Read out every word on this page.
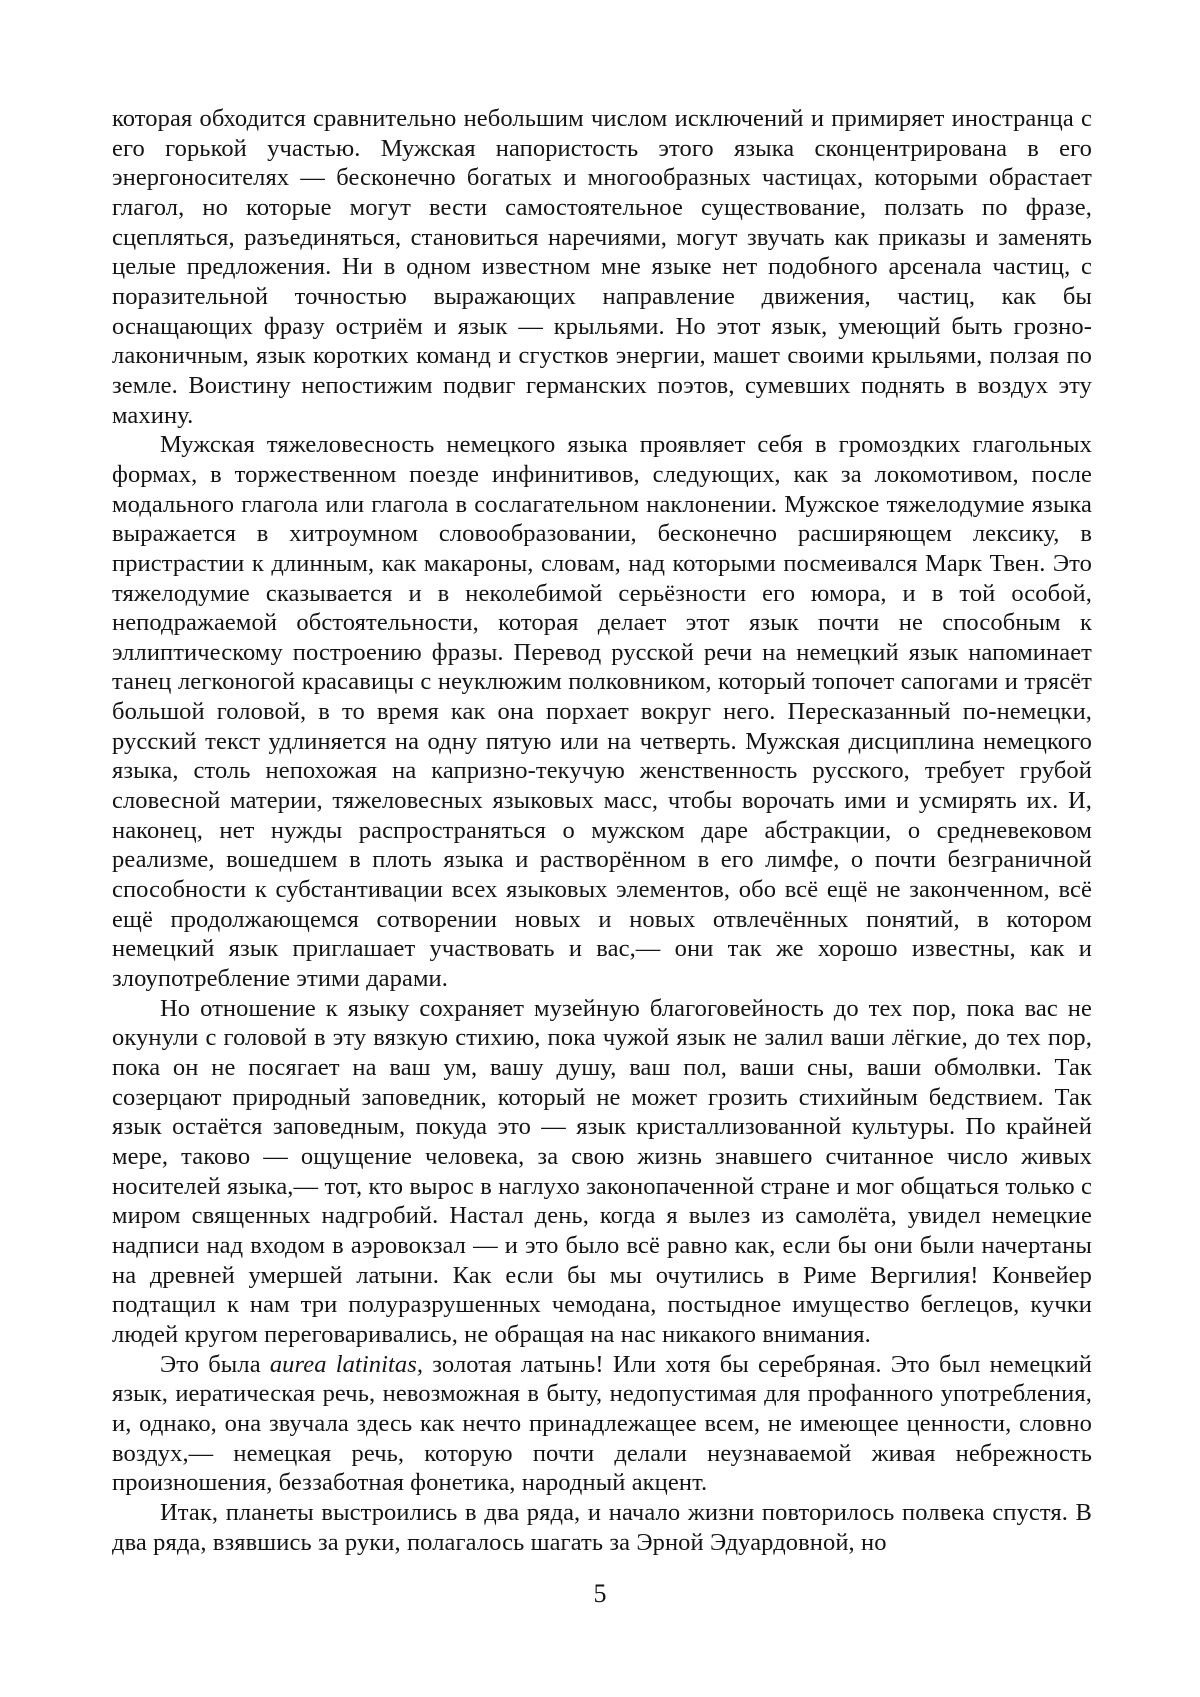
которая обходится сравнительно небольшим числом исключений и примиряет иностранца с его горькой участью. Мужская напористость этого языка сконцентрирована в его энергоносителях — бесконечно богатых и многообразных частицах, которыми обрастает глагол, но которые могут вести самостоятельное существование, ползать по фразе, сцепляться, разъединяться, становиться наречиями, могут звучать как приказы и заменять целые предложения. Ни в одном известном мне языке нет подобного арсенала частиц, с поразительной точностью выражающих направление движения, частиц, как бы оснащающих фразу остриём и язык — крыльями. Но этот язык, умеющий быть грозно-лаконичным, язык коротких команд и сгустков энергии, машет своими крыльями, ползая по земле. Воистину непостижим подвиг германских поэтов, сумевших поднять в воздух эту махину.

Мужская тяжеловесность немецкого языка проявляет себя в громоздких глагольных формах, в торжественном поезде инфинитивов, следующих, как за локомотивом, после модального глагола или глагола в сослагательном наклонении. Мужское тяжелодумие языка выражается в хитроумном словообразовании, бесконечно расширяющем лексику, в пристрастии к длинным, как макароны, словам, над которыми посмеивался Марк Твен. Это тяжелодумие сказывается и в неколебимой серьёзности его юмора, и в той особой, неподражаемой обстоятельности, которая делает этот язык почти не способным к эллиптическому построению фразы. Перевод русской речи на немецкий язык напоминает танец легконогой красавицы с неуклюжим полковником, который топочет сапогами и трясёт большой головой, в то время как она порхает вокруг него. Пересказанный по-немецки, русский текст удлиняется на одну пятую или на четверть. Мужская дисциплина немецкого языка, столь непохожая на капризно-текучую женственность русского, требует грубой словесной материи, тяжеловесных языковых масс, чтобы ворочать ими и усмирять их. И, наконец, нет нужды распространяться о мужском даре абстракции, о средневековом реализме, вошедшем в плоть языка и растворённом в его лимфе, о почти безграничной способности к субстантивации всех языковых элементов, обо всё ещё не законченном, всё ещё продолжающемся сотворении новых и новых отвлечённых понятий, в котором немецкий язык приглашает участвовать и вас,— они так же хорошо известны, как и злоупотребление этими дарами.

Но отношение к языку сохраняет музейную благоговейность до тех пор, пока вас не окунули с головой в эту вязкую стихию, пока чужой язык не залил ваши лёгкие, до тех пор, пока он не посягает на ваш ум, вашу душу, ваш пол, ваши сны, ваши обмолвки. Так созерцают природный заповедник, который не может грозить стихийным бедствием. Так язык остаётся заповедным, покуда это — язык кристаллизованной культуры. По крайней мере, таково — ощущение человека, за свою жизнь знавшего считанное число живых носителей языка,— тот, кто вырос в наглухо законопаченной стране и мог общаться только с миром священных надгробий. Настал день, когда я вылез из самолёта, увидел немецкие надписи над входом в аэровокзал — и это было всё равно как, если бы они были начертаны на древней умершей латыни. Как если бы мы очутились в Риме Вергилия! Конвейер подтащил к нам три полуразрушенных чемодана, постыдное имущество беглецов, кучки людей кругом переговаривались, не обращая на нас никакого внимания.

Это была aurea latinitas, золотая латынь! Или хотя бы серебряная. Это был немецкий язык, иератическая речь, невозможная в быту, недопустимая для профанного употребления, и, однако, она звучала здесь как нечто принадлежащее всем, не имеющее ценности, словно воздух,— немецкая речь, которую почти делали неузнаваемой живая небрежность произношения, беззаботная фонетика, народный акцент.

Итак, планеты выстроились в два ряда, и начало жизни повторилось полвека спустя. В два ряда, взявшись за руки, полагалось шагать за Эрной Эдуардовной, но

5
